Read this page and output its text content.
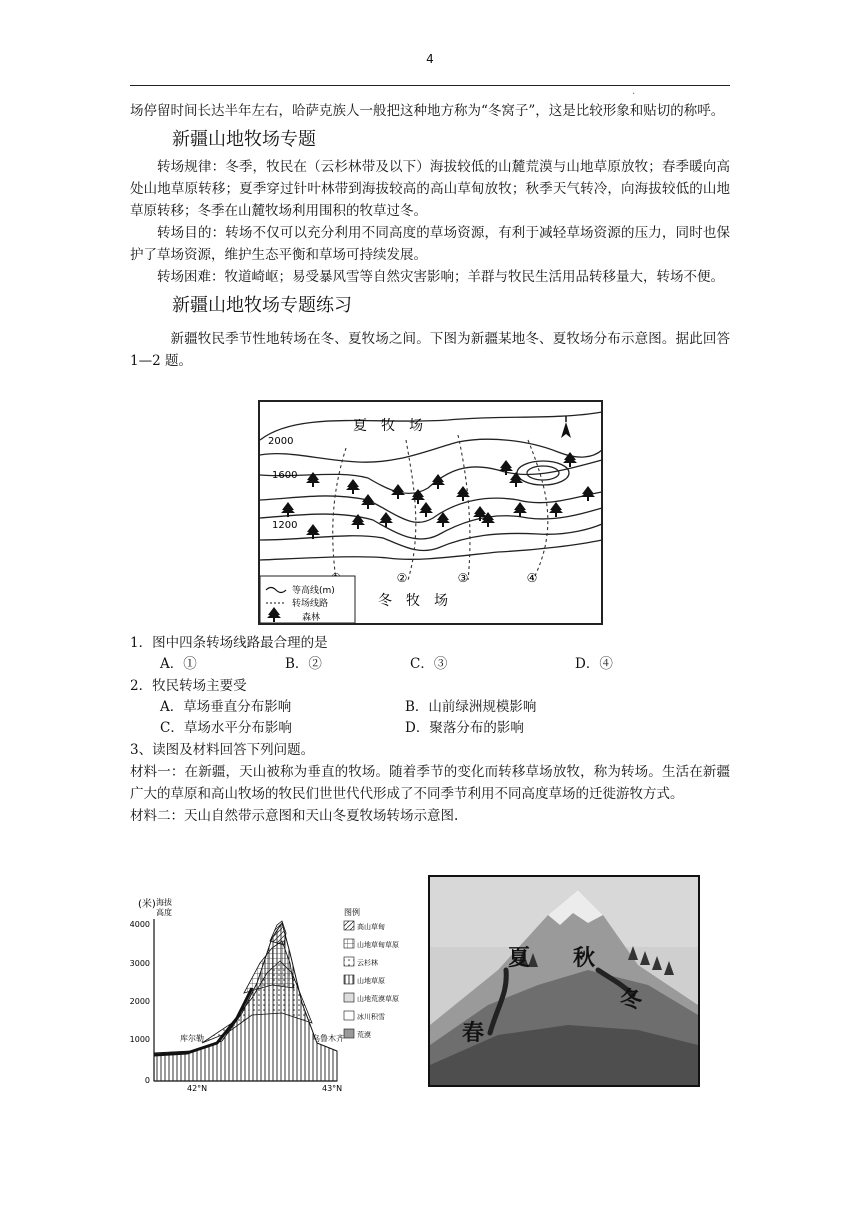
4
.

场停留时间长达半年左右，哈萨克族人一般把这种地方称为“冬窝子”，这是比较形象和贴切的称呼。

新疆山地牧场专题

转场规律：冬季，牧民在（云杉林带及以下）海拔较低的山麓荒漠与山地草原放牧；春季暖向高处山地草原转移；夏季穿过针叶林带到海拔较高的高山草甸放牧；秋季天气转冷，向海拔较低的山地草原转移；冬季在山麓牧场利用围积的牧草过冬。

转场目的：转场不仅可以充分利用不同高度的草场资源，有利于减轻草场资源的压力，同时也保护了草场资源，维护生态平衡和草场可持续发展。

转场困难：牧道崎岖；易受暴风雪等自然灾害影响；羊群与牧民生活用品转移量大，转场不便。

新疆山地牧场专题练习

新疆牧民季节性地转场在冬、夏牧场之间。下图为新疆某地冬、夏牧场分布示意图。据此回答 1—2 题。

夏　牧　场
冬　牧　场
2000
1600
1200
②	③	④
等高线(m)
转场线路
森林

1．图中四条转场线路最合理的是

A．①	B．②	C．③	D．④

2．牧民转场主要受

A．草场垂直分布影响	B．山前绿洲规模影响
C．草场水平分布影响	D．聚落分布的影响

3、读图及材料回答下列问题。

材料一：在新疆，天山被称为垂直的牧场。随着季节的变化而转移草场放牧，称为转场。生活在新疆广大的草原和高山牧场的牧民们世世代代形成了不同季节利用不同高度草场的迁徙游牧方式。

材料二：天山自然带示意图和天山冬夏牧场转场示意图.

(米) 海拔
高度
4000
3000
2000
1000
0
库尔勒	乌鲁木齐
42°N	43°N
图例
高山草甸
山地草甸草原
云杉林
山地草原
山地荒漠草原
冰川积雪
荒漠
夏 秋
春
冬
